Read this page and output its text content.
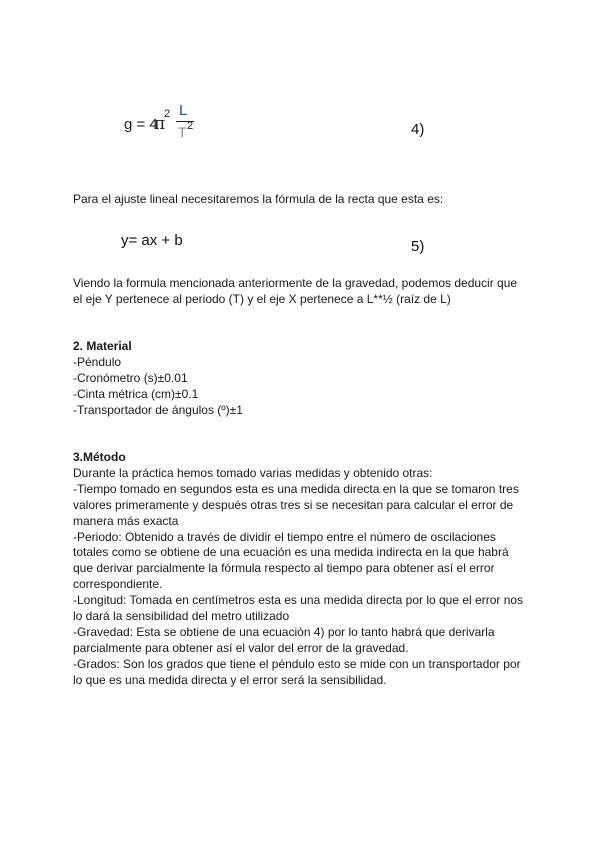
g = 4
π
2 L
T 2	4)

Para el ajuste lineal necesitaremos la fórmula de la recta que esta es:

y= ax + b	5)

Viendo la formula mencionada anteriormente de la gravedad, podemos deducir que

el eje Y pertenece al periodo (T) y el eje X pertenece a L**½ (raíz de L)

2. Material

-Péndulo

-Cronómetro (s)±0.01

-Cinta métrica (cm)±0.1

-Transportador de ángulos (º)±1

3.Método

Durante la práctica hemos tomado varias medidas y obtenido otras:

-Tiempo tomado en segundos esta es una medida directa en la que se tomaron tres

valores primeramente y después otras tres si se necesitan para calcular el error de

manera más exacta

-Periodo: Obtenido a través de dividir el tiempo entre el número de oscilaciones

totales como se obtiene de una ecuación es una medida indirecta en la que habrá

que derivar parcialmente la fórmula respecto al tiempo para obtener así el error

correspondiente.

-Longitud: Tomada en centímetros esta es una medida directa por lo que el error nos

lo dará la sensibilidad del metro utilizado

-Gravedad: Esta se obtiene de una ecuación 4) por lo tanto habrá que derivarla

parcialmente para obtener así el valor del error de la gravedad.

-Grados: Son los grados que tiene el péndulo esto se mide con un transportador por

lo que es una medida directa y el error será la sensibilidad.
